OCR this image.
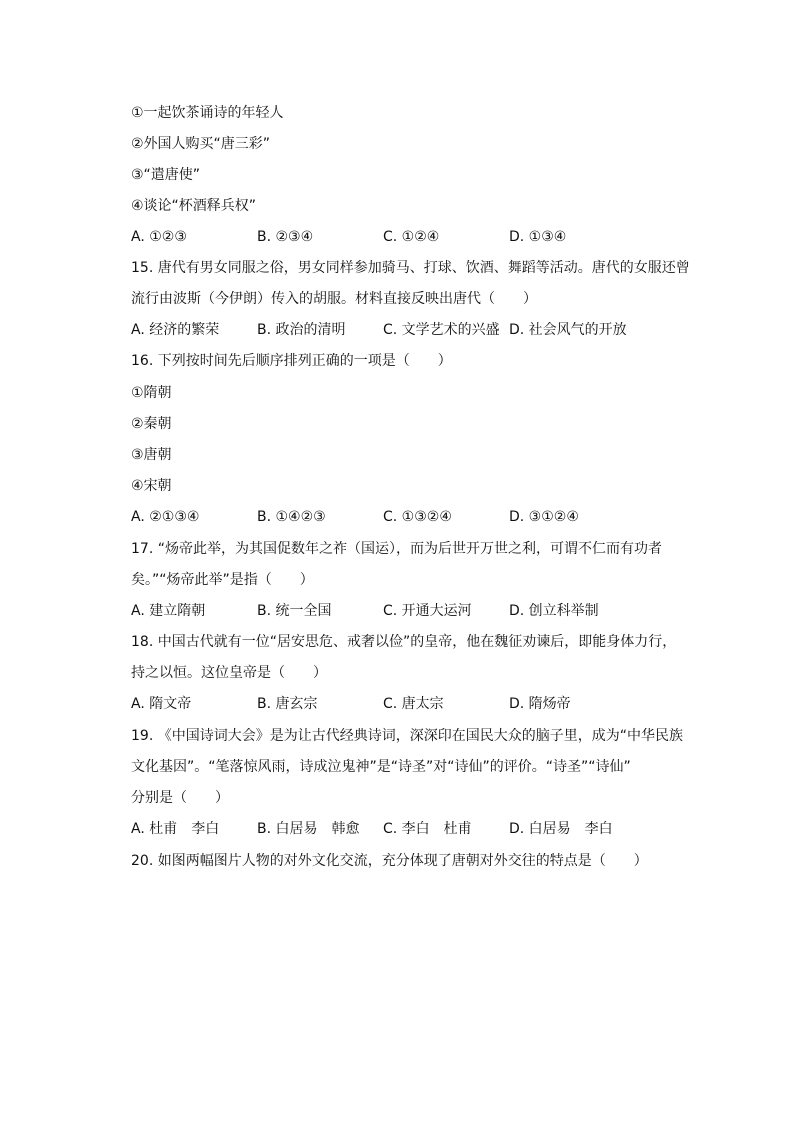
①一起饮茶诵诗的年轻人
②外国人购买“唐三彩”
③“遣唐使”
④谈论“杯酒释兵权”
A. ①②③	B. ②③④	C. ①②④	D. ①③④
15. 唐代有男女同服之俗，男女同样参加骑马、打球、饮酒、舞蹈等活动。唐代的女服还曾
流行由波斯（今伊朗）传入的胡服。材料直接反映出唐代（　　）
A. 经济的繁荣	B. 政治的清明	C. 文学艺术的兴盛 D. 社会风气的开放
16. 下列按时间先后顺序排列正确的一项是（　　）
①隋朝
②秦朝
③唐朝
④宋朝
A. ②①③④	B. ①④②③	C. ①③②④	D. ③①②④
17. “炀帝此举，为其国促数年之祚（国运），而为后世开万世之利，可谓不仁而有功者
矣。”“炀帝此举”是指（　　）
A. 建立隋朝	B. 统一全国	C. 开通大运河	D. 创立科举制
18. 中国古代就有一位“居安思危、戒奢以俭”的皇帝，他在魏征劝谏后，即能身体力行，
持之以恒。这位皇帝是（　　）
A. 隋文帝	B. 唐玄宗	C. 唐太宗	D. 隋炀帝
19. 《中国诗词大会》是为让古代经典诗词，深深印在国民大众的脑子里，成为“中华民族
文化基因”。“笔落惊风雨，诗成泣鬼神”是“诗圣”对“诗仙”的评价。“诗圣”“诗仙”
分别是（　　）
A. 杜甫　李白	B. 白居易　韩愈 C. 李白　杜甫	D. 白居易　李白
20. 如图两幅图片人物的对外文化交流，充分体现了唐朝对外交往的特点是（　　）
